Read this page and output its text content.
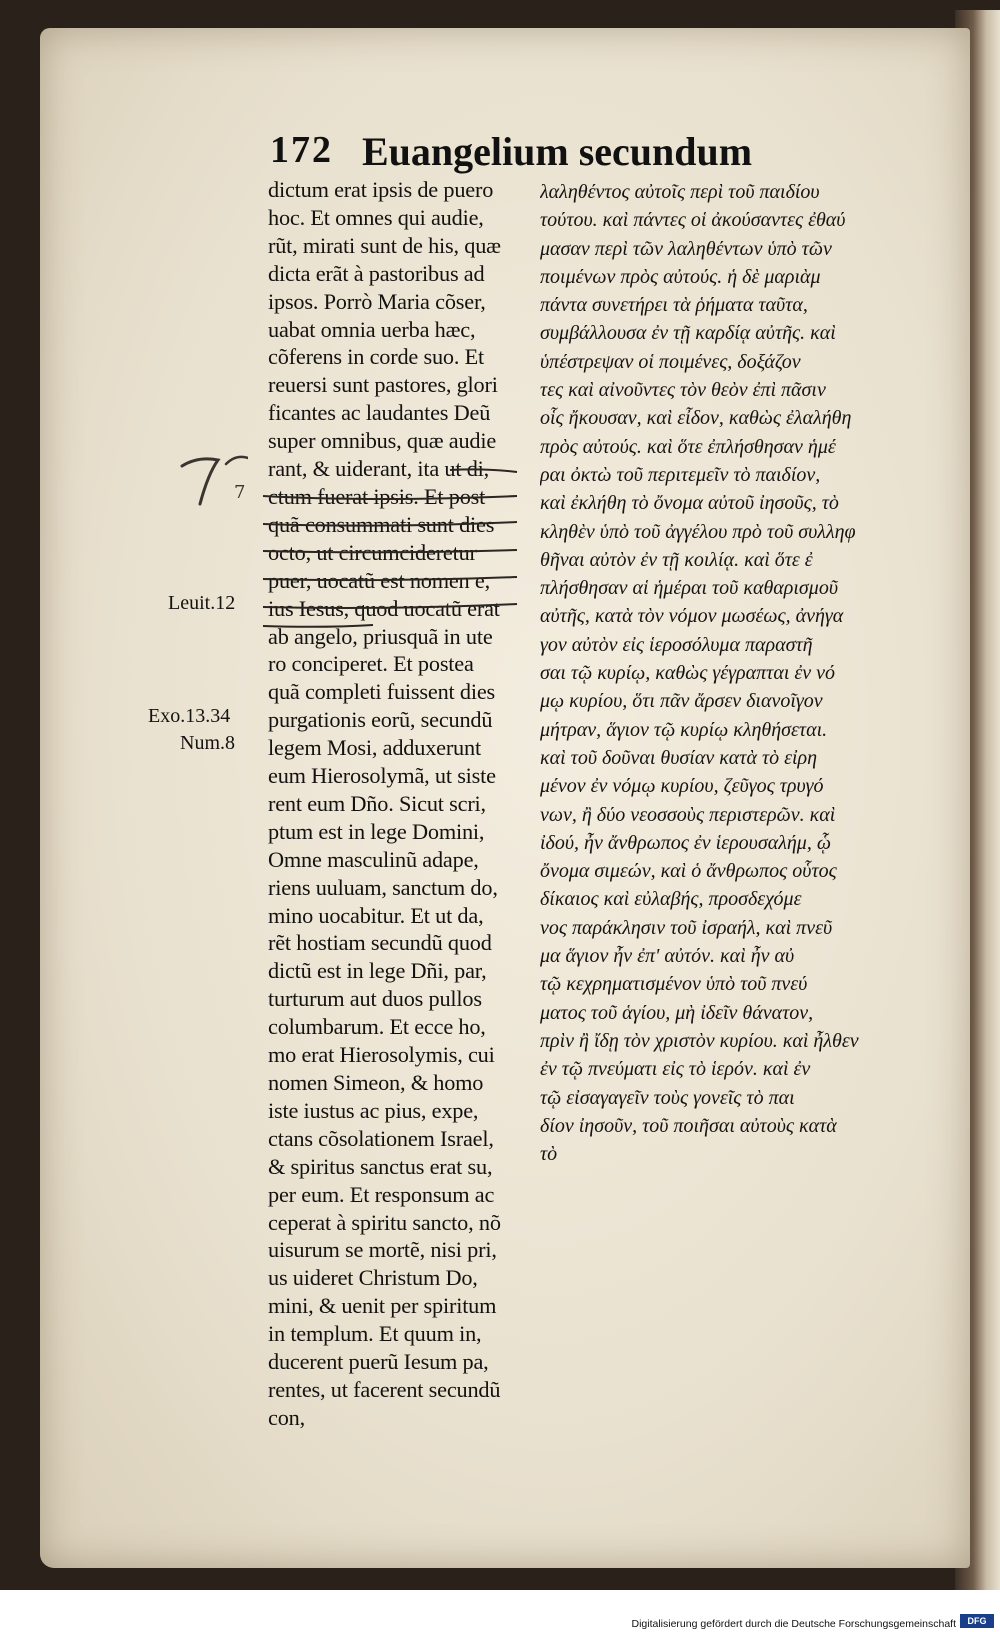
172 Euangelium secundum
dictum erat ipsis de puero
hoc. Et omnes qui audie,
rũt, mirati sunt de his, quæ
dicta erãt à pastoribus ad
ipsos. Porrò Maria cõser,
uabat omnia uerba hæc,
cõferens in corde suo. Et
reuersi sunt pastores, glori
ficantes ac laudantes Deũ
super omnibus, quæ audie
rant, & uiderant, ita ut di,
ctum fuerat ipsis. Et post
quã consummati sunt dies
octo, ut circumcideretur
puer, uocatũ est nomen e,
ius Iesus, quod uocatũ erat
ab angelo, priusquã in ute
ro conciperet. Et postea
quã completi fuissent dies
purgationis eorũ, secundũ
legem Mosi, adduxerunt
eum Hierosolymã, ut siste
rent eum Dño. Sicut scri,
ptum est in lege Domini,
Omne masculinũ adape,
riens uuluam, sanctum do,
mino uocabitur. Et ut da,
rẽt hostiam secundũ quod
dictũ est in lege Dñi, par,
turturum aut duos pullos
columbarum. Et ecce ho,
mo erat Hierosolymis, cui
nomen Simeon, & homo
iste iustus ac pius, expe,
ctans cõsolationem Israel,
& spiritus sanctus erat su,
per eum. Et responsum ac
ceperat à spiritu sancto, nõ
uisurum se mortẽ, nisi pri,
us uideret Christum Do,
mini, & uenit per spiritum
in templum. Et quum in,
ducerent puerũ Iesum pa,
rentes, ut facerent secundũ
con,
λαληθέντος αὐτοῖς περὶ τοῦ παιδίου
τούτου. καὶ πάντες οἱ ἀκούσαντες ἐθαύ
μασαν περὶ τῶν λαληθέντων ὑπὸ τῶν
ποιμένων πρὸς αὐτούς. ἡ δὲ μαριὰμ
πάντα συνετήρει τὰ ῥήματα ταῦτα,
συμβάλλουσα ἐν τῇ καρδίᾳ αὐτῆς. καὶ
ὑπέστρεψαν οἱ ποιμένες, δοξάζον
τες καὶ αἰνοῦντες τὸν θεὸν ἐπὶ πᾶσιν
οἷς ἤκουσαν, καὶ εἶδον, καθὼς ἐλαλήθη
πρὸς αὐτούς. καὶ ὅτε ἐπλήσθησαν ἡμέ
ραι ὀκτὼ τοῦ περιτεμεῖν τὸ παιδίον,
καὶ ἐκλήθη τὸ ὄνομα αὐτοῦ ἰησοῦς, τὸ
κληθὲν ὑπὸ τοῦ ἀγγέλου πρὸ τοῦ συλληφ
θῆναι αὐτὸν ἐν τῇ κοιλίᾳ. καὶ ὅτε ἐ
πλήσθησαν αἱ ἡμέραι τοῦ καθαρισμοῦ
αὐτῆς, κατὰ τὸν νόμον μωσέως, ἀνήγα
γον αὐτὸν εἰς ἱεροσόλυμα παραστῆ
σαι τῷ κυρίῳ, καθὼς γέγραπται ἐν νό
μῳ κυρίου, ὅτι πᾶν ἄρσεν διανοῖγον
μήτραν, ἅγιον τῷ κυρίῳ κληθήσεται.
καὶ τοῦ δοῦναι θυσίαν κατὰ τὸ εἰρη
μένον ἐν νόμῳ κυρίου, ζεῦγος τρυγό
νων, ἢ δύο νεοσσοὺς περιστερῶν. καὶ
ἰδού, ἦν ἄνθρωπος ἐν ἱερουσαλήμ, ᾧ
ὄνομα σιμεών, καὶ ὁ ἄνθρωπος οὗτος
δίκαιος καὶ εὐλαβής, προσδεχόμε
νος παράκλησιν τοῦ ἰσραήλ, καὶ πνεῦ
μα ἅγιον ἦν ἐπ' αὐτόν. καὶ ἦν αὐ
τῷ κεχρηματισμένον ὑπὸ τοῦ πνεύ
ματος τοῦ ἁγίου, μὴ ἰδεῖν θάνατον,
πρὶν ἢ ἴδῃ τὸν χριστὸν κυρίου. καὶ ἦλθεν
ἐν τῷ πνεύματι εἰς τὸ ἱερόν. καὶ ἐν
τῷ εἰσαγαγεῖν τοὺς γονεῖς τὸ παι
δίον ἰησοῦν, τοῦ ποιῆσαι αὐτοὺς κατὰ
τὸ
Leuit.12
Exo.13.34
Num.8
7
Digitalisierung gefördert durch die Deutsche Forschungsgemeinschaft	DFG
